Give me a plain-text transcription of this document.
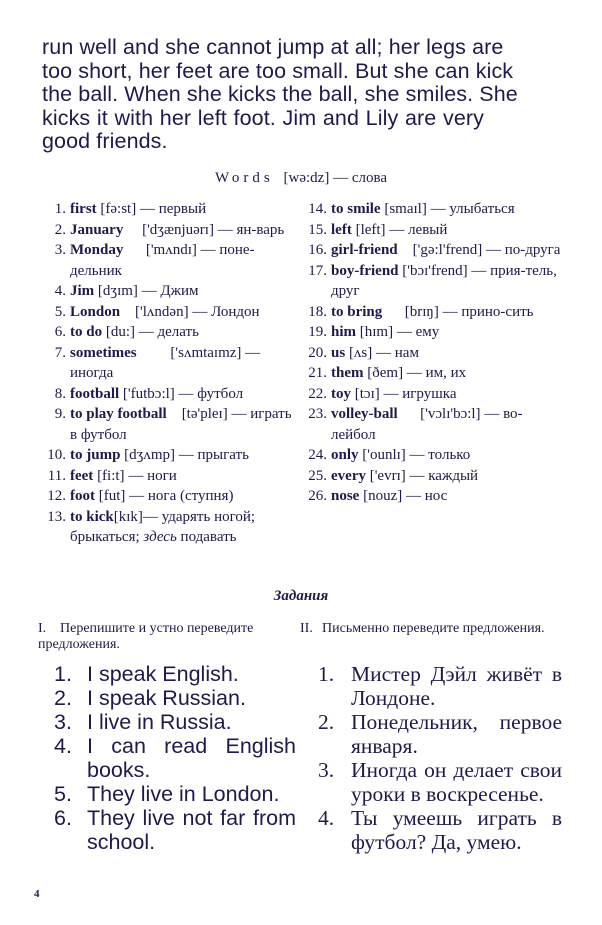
run well and she cannot jump at all; her legs are
too short, her feet are too small. But she can kick
the ball. When she kicks the ball, she smiles. She
kicks it with her left foot. Jim and Lily are very
good friends.
Words [wə:dz] — слова
1. first [fə:st] — первый
2. January ['dʒænjuərɪ] — ян-варь
3. Monday ['mʌndɪ] — поне-дельник
4. Jim [dʒɪm] — Джим
5. London ['lʌndən] — Лондон
6. to do [du:] — делать
7. sometimes ['sʌmtaɪmz] — иногда
8. football ['futbɔ:l] — футбол
9. to play football [tə'pleɪ] — играть в футбол
10. to jump [dʒʌmp] — прыгать
11. feet [fi:t] — ноги
12. foot [fut] — нога (ступня)
13. to kick[kɪk]— ударять ногой; брыкаться; здесь подавать
14. to smile [smaɪl] — улыбаться
15. left [left] — левый
16. girl-friend ['gə:l'frend] — по-друга
17. boy-friend ['bɔɪ'frend] — прия-тель, друг
18. to bring [brɪŋ] — прино-сить
19. him [hɪm] — ему
20. us [ʌs] — нам
21. them [ðem] — им, их
22. toy [tɔɪ] — игрушка
23. volley-ball ['vɔlɪ'bɔ:l] — во-лейбол
24. only ['ounlɪ] — только
25. every ['evrɪ] — каждый
26. nose [nouz] — нос
Задания
I. Перепишите и устно переведите предложения.
II. Письменно переведите предложения.
1. I speak English.
2. I speak Russian.
3. I live in Russia.
4. I can read English books.
5. They live in London.
6. They live not far from school.
1. Мистер Дэйл живёт в Лондоне.
2. Понедельник, первое января.
3. Иногда он делает свои уроки в воскресенье.
4. Ты умеешь играть в футбол? Да, умею.
4
